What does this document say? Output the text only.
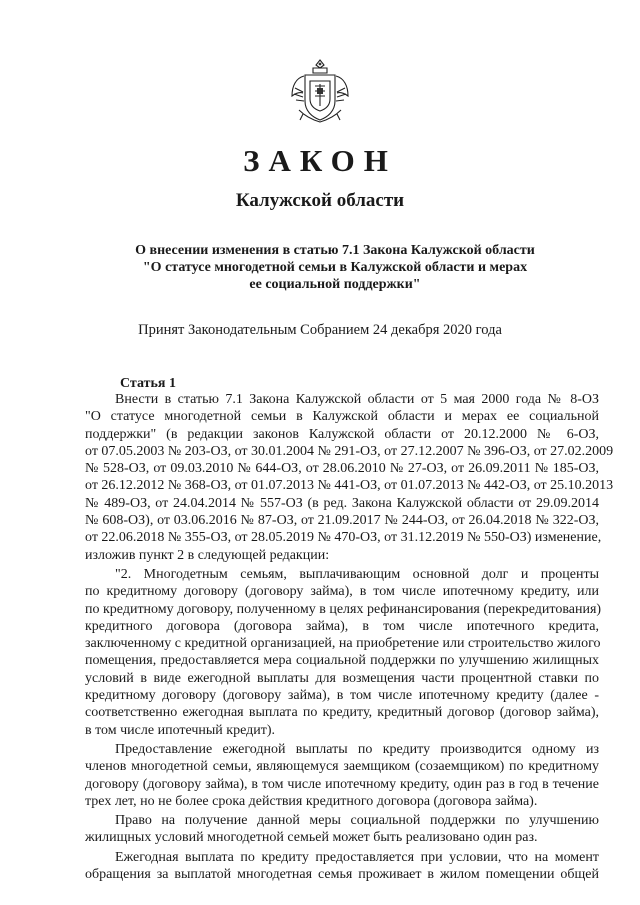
ЗАКОН
Калужской области
О внесении изменения в статью 7.1 Закона Калужской области
"О статусе многодетной семьи в Калужской области и мерах
ее социальной поддержки"
Принят Законодательным Собранием 24 декабря 2020 года
Статья 1
Внести в статью 7.1 Закона Калужской области от 5 мая 2000 года № 8-ОЗ
"О статусе многодетной семьи в Калужской области и мерах ее социальной
поддержки" (в редакции законов Калужской области от 20.12.2000 № 6-ОЗ,
от 07.05.2003 № 203-ОЗ, от 30.01.2004 № 291-ОЗ, от 27.12.2007 № 396-ОЗ, от 27.02.2009
№ 528-ОЗ, от 09.03.2010 № 644-ОЗ, от 28.06.2010 № 27-ОЗ, от 26.09.2011 № 185-ОЗ,
от 26.12.2012 № 368-ОЗ, от 01.07.2013 № 441-ОЗ, от 01.07.2013 № 442-ОЗ, от 25.10.2013
№ 489-ОЗ, от 24.04.2014 № 557-ОЗ (в ред. Закона Калужской области от 29.09.2014
№ 608-ОЗ), от 03.06.2016 № 87-ОЗ, от 21.09.2017 № 244-ОЗ, от 26.04.2018 № 322-ОЗ,
от 22.06.2018 № 355-ОЗ, от 28.05.2019 № 470-ОЗ, от 31.12.2019 № 550-ОЗ) изменение,
изложив пункт 2 в следующей редакции:
"2. Многодетным семьям, выплачивающим основной долг и проценты
по кредитному договору (договору займа), в том числе ипотечному кредиту, или
по кредитному договору, полученному в целях рефинансирования (перекредитования)
кредитного договора (договора займа), в том числе ипотечного кредита,
заключенному с кредитной организацией, на приобретение или строительство жилого
помещения, предоставляется мера социальной поддержки по улучшению жилищных
условий в виде ежегодной выплаты для возмещения части процентной ставки по
кредитному договору (договору займа), в том числе ипотечному кредиту (далее -
соответственно ежегодная выплата по кредиту, кредитный договор (договор займа),
в том числе ипотечный кредит).
Предоставление ежегодной выплаты по кредиту производится одному из
членов многодетной семьи, являющемуся заемщиком (созаемщиком) по кредитному
договору (договору займа), в том числе ипотечному кредиту, один раз в год в течение
трех лет, но не более срока действия кредитного договора (договора займа).
Право на получение данной меры социальной поддержки по улучшению
жилищных условий многодетной семьей может быть реализовано один раз.
Ежегодная выплата по кредиту предоставляется при условии, что на момент
обращения за выплатой многодетная семья проживает в жилом помещении общей
